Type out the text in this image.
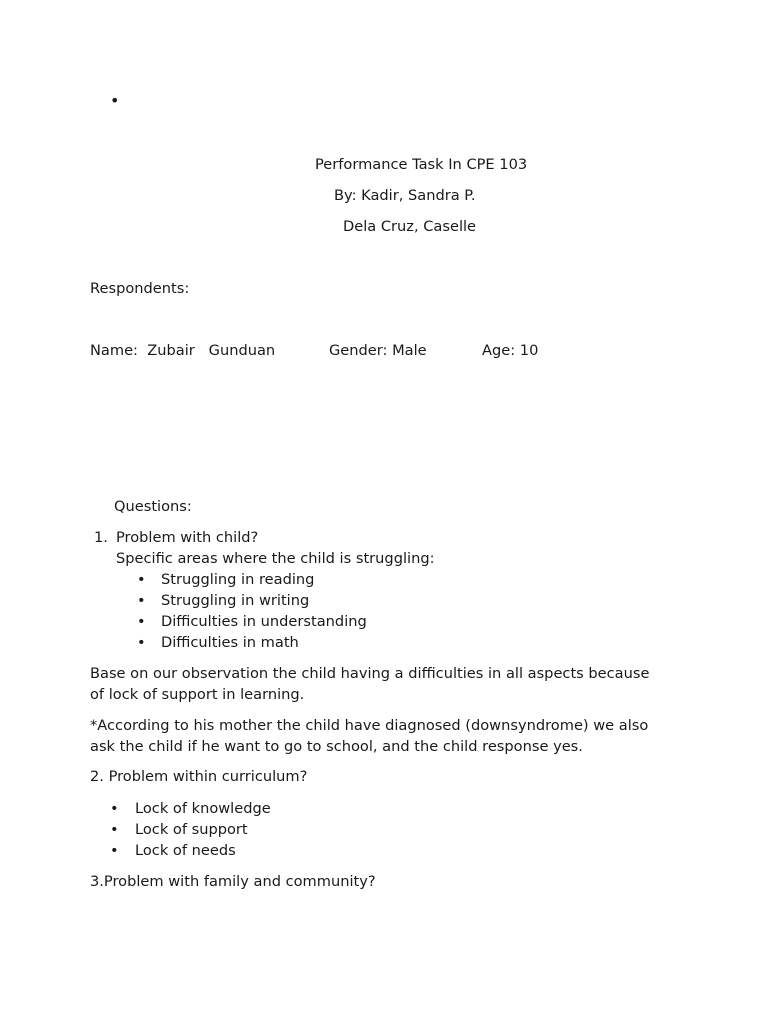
•
Performance Task In CPE 103
By: Kadir, Sandra P.
Dela Cruz, Caselle
Respondents:
Name:  Zubair   Gunduan	Gender: Male	Age: 10
Questions:
1. Problem with child?
Specific areas where the child is struggling:
• Struggling in reading
• Struggling in writing
• Difficulties in understanding
• Difficulties in math
Base on our observation the child having a difficulties in all aspects because
of lock of support in learning.
*According to his mother the child have diagnosed (downsyndrome) we also
ask the child if he want to go to school, and the child response yes.
2. Problem within curriculum?
• Lock of knowledge
• Lock of support
• Lock of needs
3.Problem with family and community?
